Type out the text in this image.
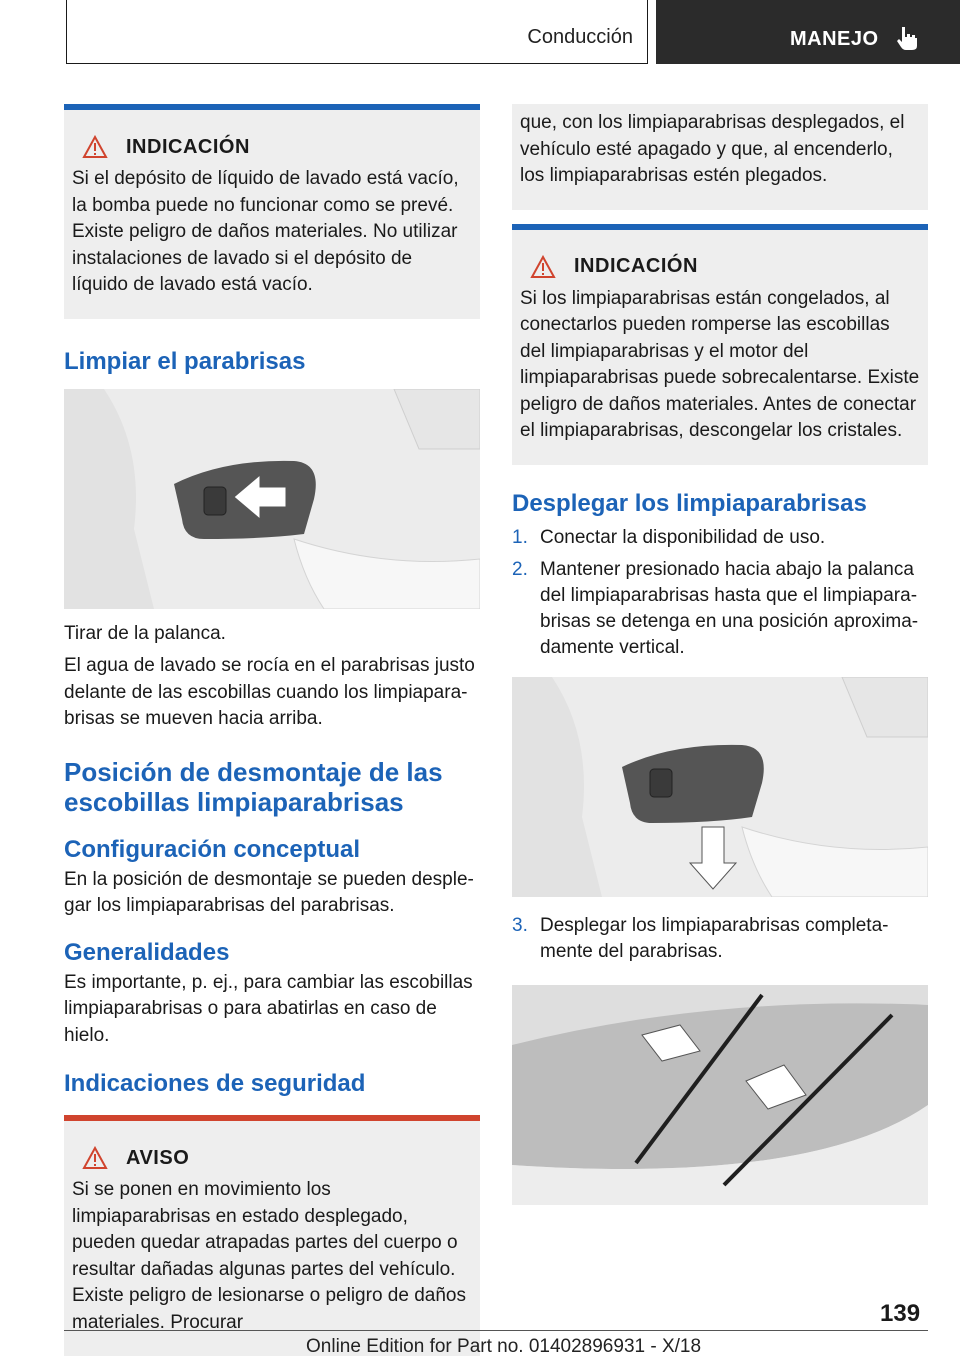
Conducción	MANEJO
INDICACIÓN
Si el depósito de líquido de lavado está vacío, la bomba puede no funcionar como se prevé. Existe peligro de daños materiales. No utilizar instalaciones de lavado si el depósito de líquido de lavado está vacío.
Limpiar el parabrisas
Tirar de la palanca.
El agua de lavado se rocía en el parabrisas justo delante de las escobillas cuando los limpiaparabrisas se mueven hacia arriba.
Posición de desmontaje de las escobillas limpiaparabrisas
Configuración conceptual
En la posición de desmontaje se pueden desplegar los limpiaparabrisas del parabrisas.
Generalidades
Es importante, p. ej., para cambiar las escobillas limpiaparabrisas o para abatirlas en caso de hielo.
Indicaciones de seguridad
AVISO
Si se ponen en movimiento los limpiaparabrisas en estado desplegado, pueden quedar atrapadas partes del cuerpo o resultar dañadas algunas partes del vehículo. Existe peligro de lesionarse o peligro de daños materiales. Procurar
que, con los limpiaparabrisas desplegados, el vehículo esté apagado y que, al encenderlo, los limpiaparabrisas estén plegados.
INDICACIÓN
Si los limpiaparabrisas están congelados, al conectarlos pueden romperse las escobillas del limpiaparabrisas y el motor del limpiaparabrisas puede sobrecalentarse. Existe peligro de daños materiales. Antes de conectar el limpiaparabrisas, descongelar los cristales.
Desplegar los limpiaparabrisas
1. Conectar la disponibilidad de uso.
2. Mantener presionado hacia abajo la palanca del limpiaparabrisas hasta que el limpiaparabrisas se detenga en una posición aproximadamente vertical.
3. Desplegar los limpiaparabrisas completamente del parabrisas.
139
Online Edition for Part no. 01402896931 - X/18
